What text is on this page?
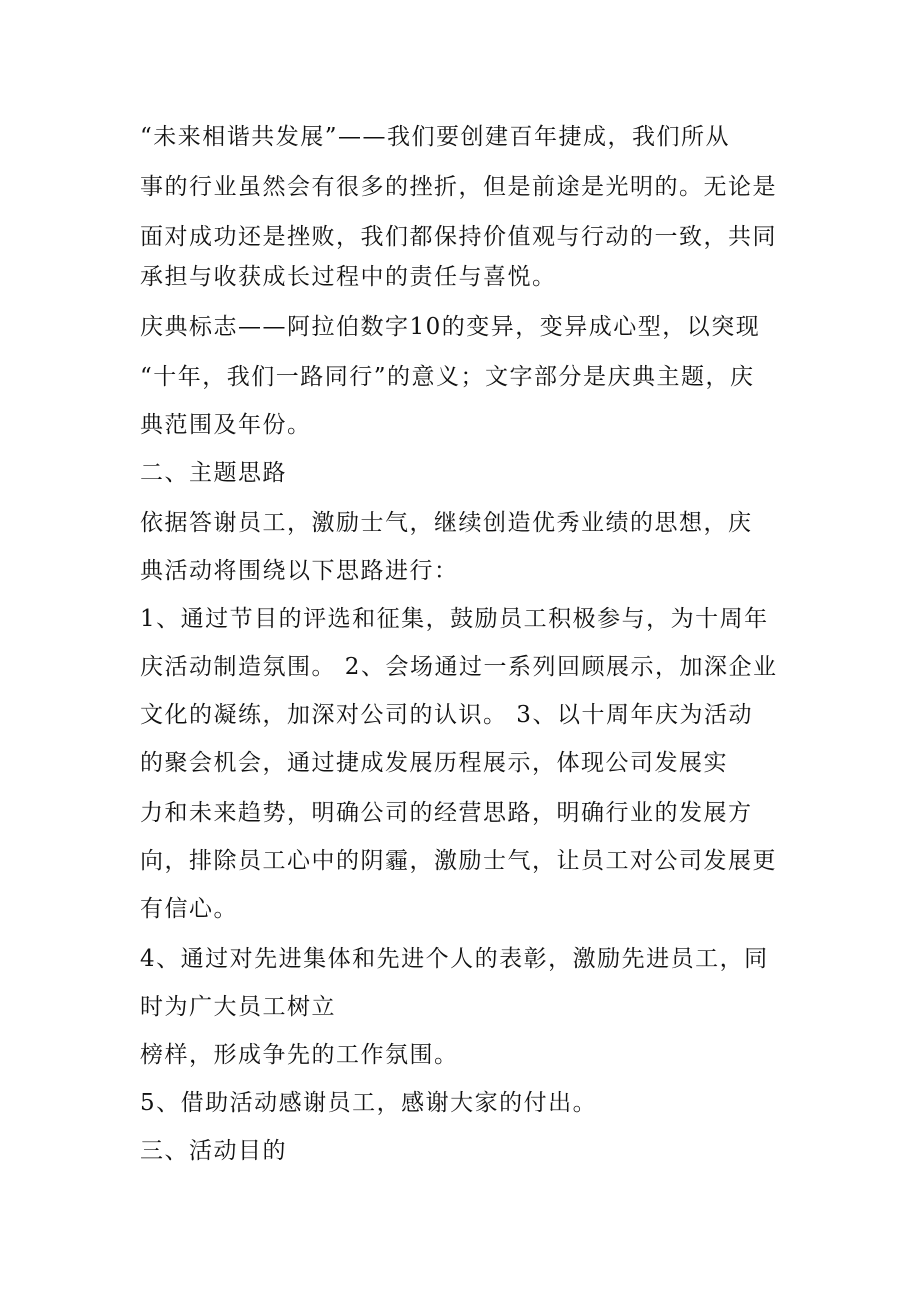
“未来相谐共发展”——我们要创建百年捷成，我们所从
事的行业虽然会有很多的挫折，但是前途是光明的。无论是
面对成功还是挫败，我们都保持价值观与行动的一致，共同
承担与收获成长过程中的责任与喜悦。
庆典标志——阿拉伯数字10的变异，变异成心型，以突现
“十年，我们一路同行”的意义；文字部分是庆典主题，庆
典范围及年份。
二、主题思路
依据答谢员工，激励士气，继续创造优秀业绩的思想，庆
典活动将围绕以下思路进行：
1、通过节目的评选和征集，鼓励员工积极参与，为十周年
庆活动制造氛围。 2、会场通过一系列回顾展示，加深企业
文化的凝练，加深对公司的认识。 3、以十周年庆为活动
的聚会机会，通过捷成发展历程展示，体现公司发展实
力和未来趋势，明确公司的经营思路，明确行业的发展方
向，排除员工心中的阴霾，激励士气，让员工对公司发展更
有信心。
4、通过对先进集体和先进个人的表彰，激励先进员工，同
时为广大员工树立
榜样，形成争先的工作氛围。
5、借助活动感谢员工，感谢大家的付出。
三、活动目的
